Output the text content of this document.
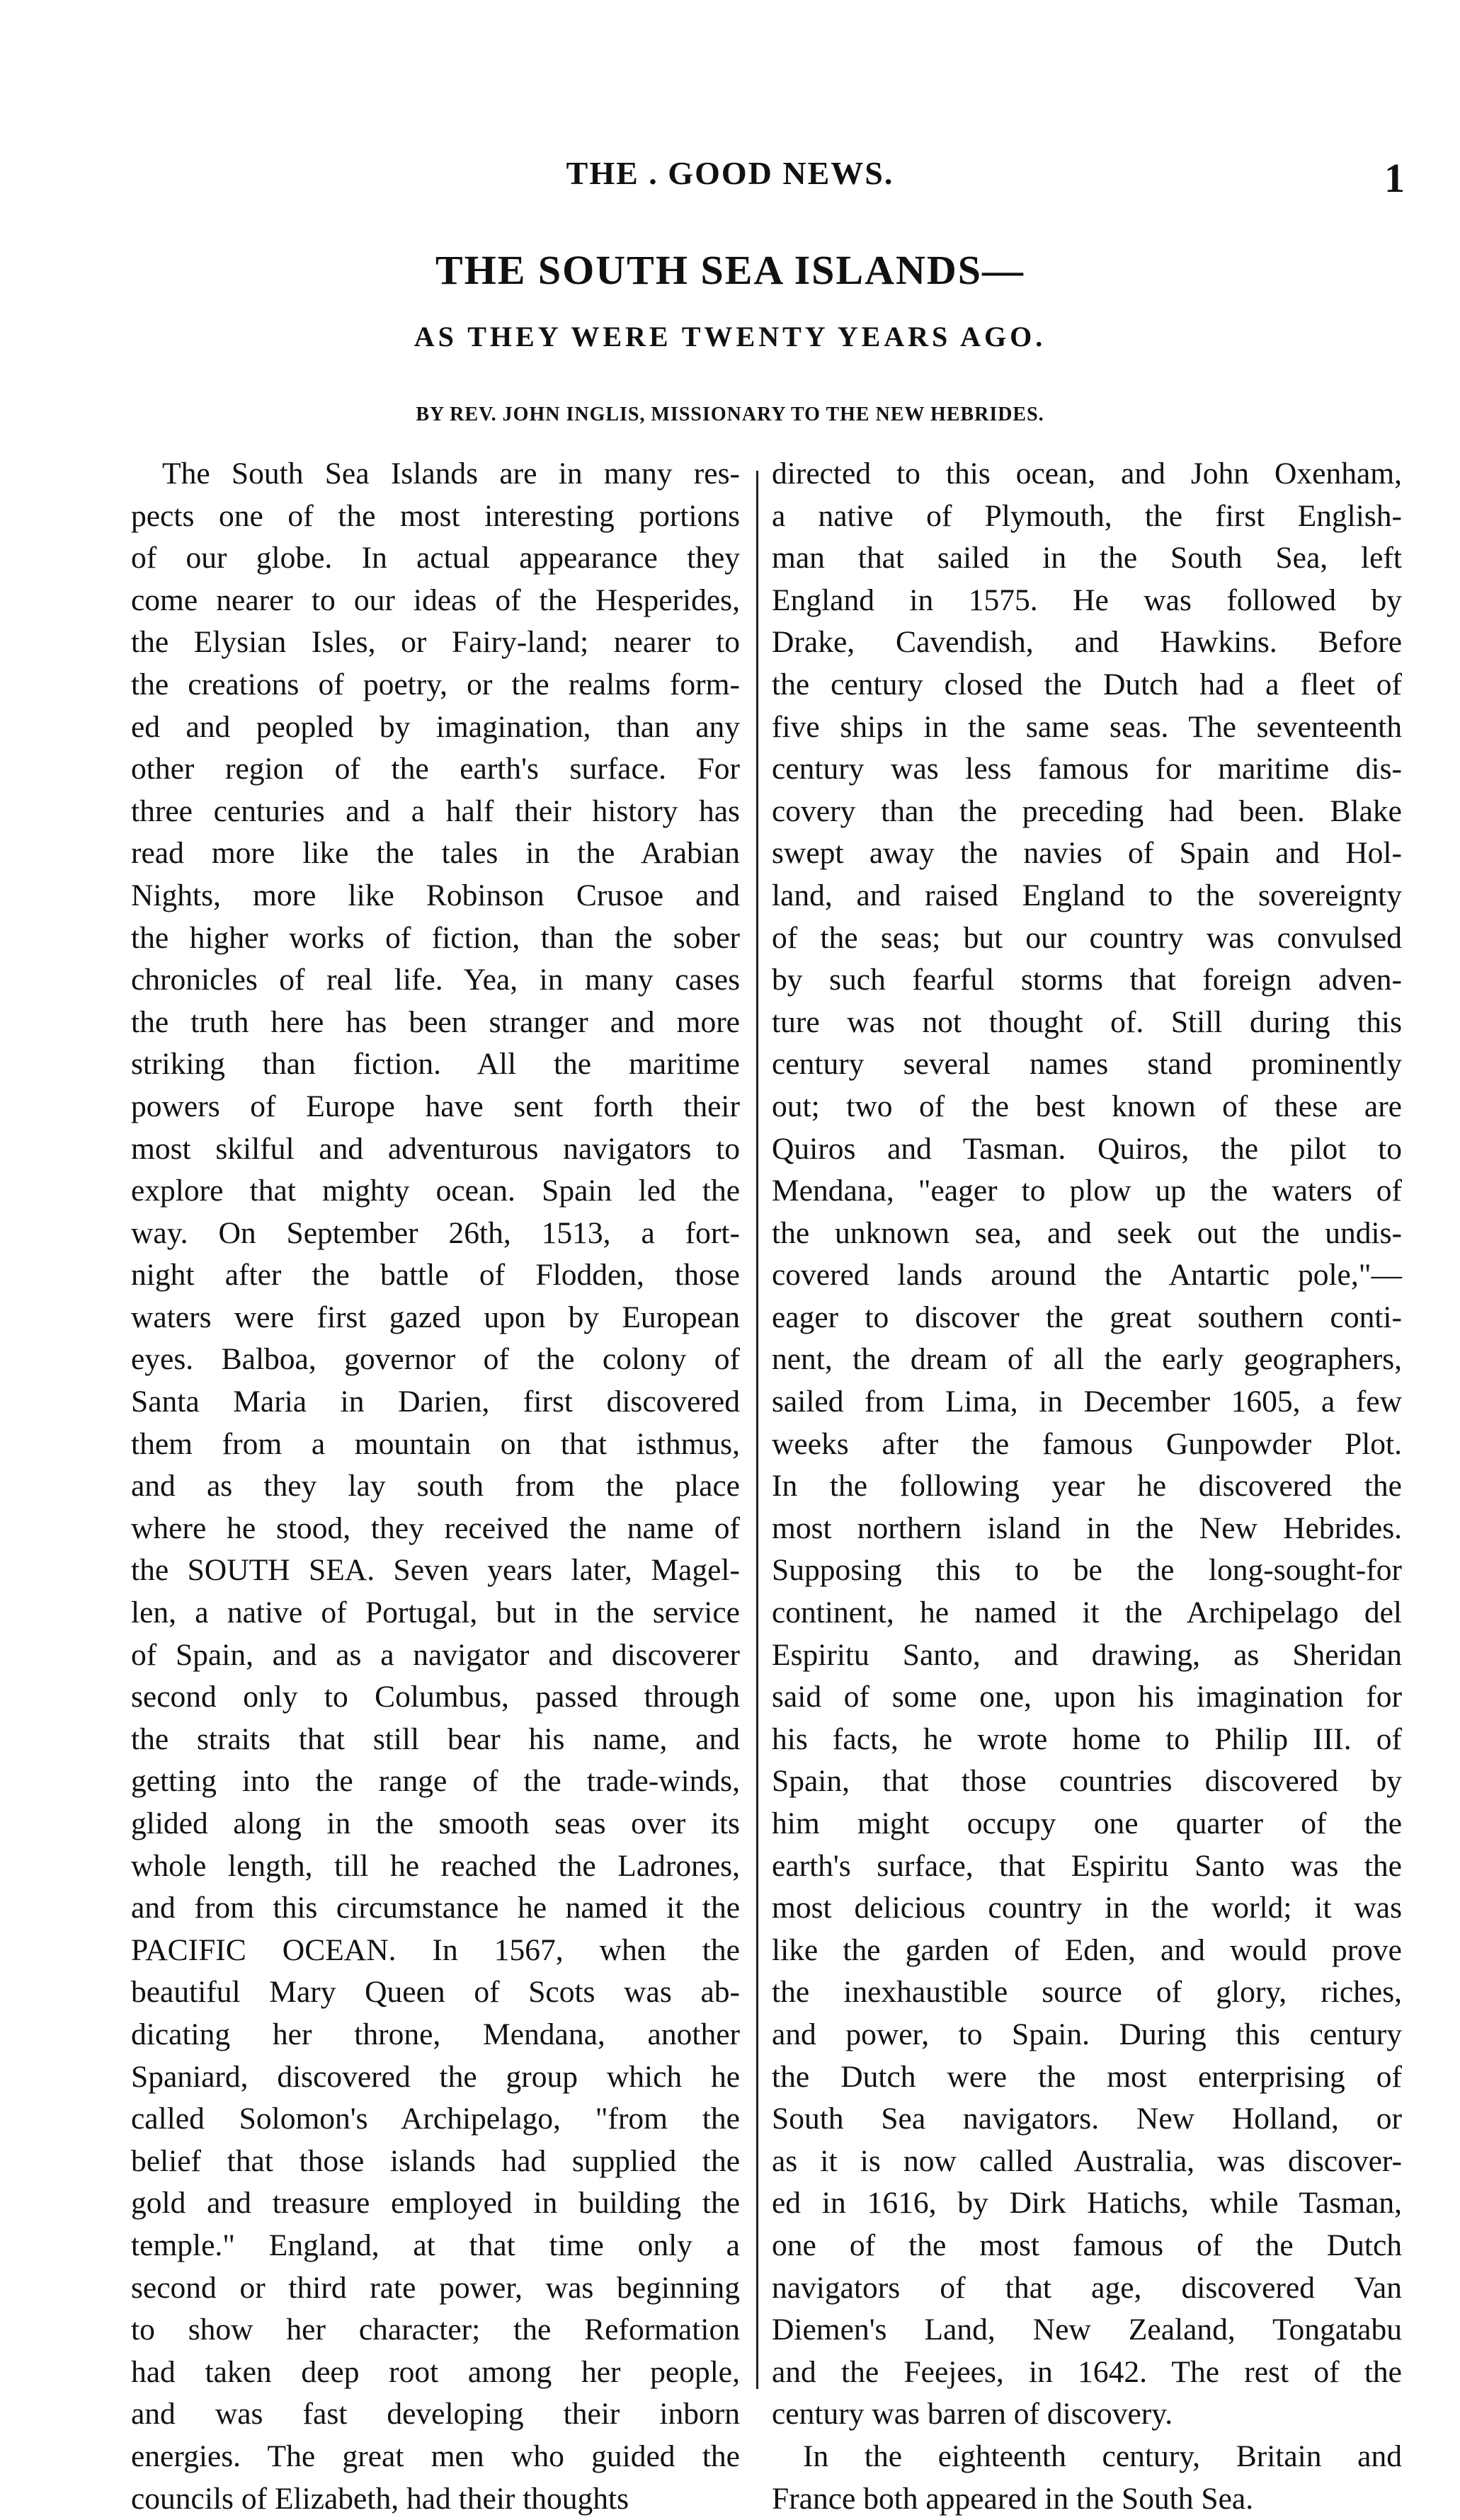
THE . GOOD NEWS.	1
THE SOUTH SEA ISLANDS—
AS THEY WERE TWENTY YEARS AGO.
BY REV. JOHN INGLIS, MISSIONARY TO THE NEW HEBRIDES.
The South Sea Islands are in many res-
pects one of the most interesting portions
of our globe. In actual appearance they
come nearer to our ideas of the Hesperides,
the Elysian Isles, or Fairy-land; nearer to
the creations of poetry, or the realms form-
ed and peopled by imagination, than any
other region of the earth's surface. For
three centuries and a half their history has
read more like the tales in the Arabian
Nights, more like Robinson Crusoe and
the higher works of fiction, than the sober
chronicles of real life. Yea, in many cases
the truth here has been stranger and more
striking than fiction. All the maritime
powers of Europe have sent forth their
most skilful and adventurous navigators to
explore that mighty ocean. Spain led the
way. On September 26th, 1513, a fort-
night after the battle of Flodden, those
waters were first gazed upon by European
eyes. Balboa, governor of the colony of
Santa Maria in Darien, first discovered
them from a mountain on that isthmus,
and as they lay south from the place
where he stood, they received the name of
the SOUTH SEA. Seven years later, Magel-
len, a native of Portugal, but in the service
of Spain, and as a navigator and discoverer
second only to Columbus, passed through
the straits that still bear his name, and
getting into the range of the trade-winds,
glided along in the smooth seas over its
whole length, till he reached the Ladrones,
and from this circumstance he named it the
PACIFIC OCEAN. In 1567, when the
beautiful Mary Queen of Scots was ab-
dicating her throne, Mendana, another
Spaniard, discovered the group which he
called Solomon's Archipelago, "from the
belief that those islands had supplied the
gold and treasure employed in building the
temple." England, at that time only a
second or third rate power, was beginning
to show her character; the Reformation
had taken deep root among her people,
and was fast developing their inborn
energies. The great men who guided the
councils of Elizabeth, had their thoughts
directed to this ocean, and John Oxenham,
a native of Plymouth, the first English-
man that sailed in the South Sea, left
England in 1575. He was followed by
Drake, Cavendish, and Hawkins. Before
the century closed the Dutch had a fleet of
five ships in the same seas. The seventeenth
century was less famous for maritime dis-
covery than the preceding had been. Blake
swept away the navies of Spain and Hol-
land, and raised England to the sovereignty
of the seas; but our country was convulsed
by such fearful storms that foreign adven-
ture was not thought of. Still during this
century several names stand prominently
out; two of the best known of these are
Quiros and Tasman. Quiros, the pilot to
Mendana, "eager to plow up the waters of
the unknown sea, and seek out the undis-
covered lands around the Antartic pole,"—
eager to discover the great southern conti-
nent, the dream of all the early geographers,
sailed from Lima, in December 1605, a few
weeks after the famous Gunpowder Plot.
In the following year he discovered the
most northern island in the New Hebrides.
Supposing this to be the long-sought-for
continent, he named it the Archipelago del
Espiritu Santo, and drawing, as Sheridan
said of some one, upon his imagination for
his facts, he wrote home to Philip III. of
Spain, that those countries discovered by
him might occupy one quarter of the
earth's surface, that Espiritu Santo was the
most delicious country in the world; it was
like the garden of Eden, and would prove
the inexhaustible source of glory, riches,
and power, to Spain. During this century
the Dutch were the most enterprising of
South Sea navigators. New Holland, or
as it is now called Australia, was discover-
ed in 1616, by Dirk Hatichs, while Tasman,
one of the most famous of the Dutch
navigators of that age, discovered Van
Diemen's Land, New Zealand, Tongatabu
and the Feejees, in 1642. The rest of the
century was barren of discovery.
In the eighteenth century, Britain and
France both appeared in the South Sea.
